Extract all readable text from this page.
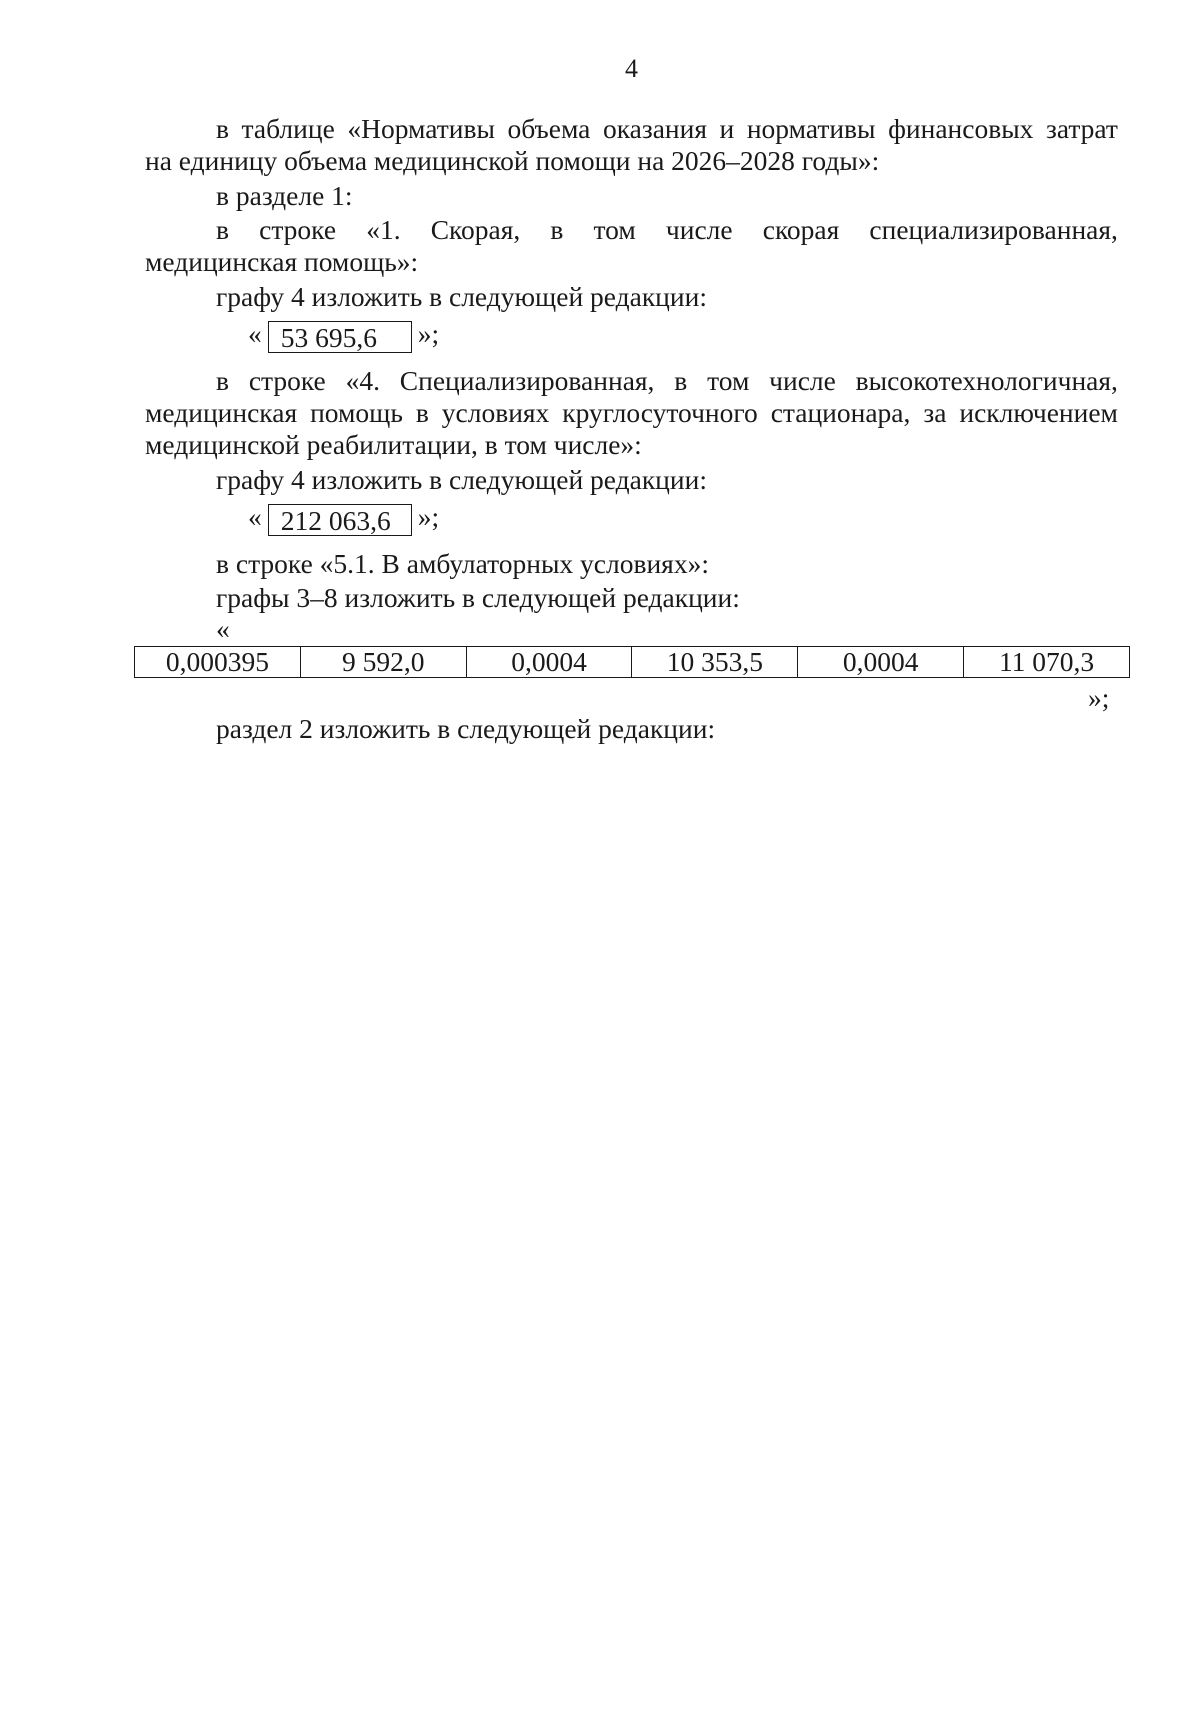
4
в таблице «Нормативы объема оказания и нормативы финансовых затрат
на единицу объема медицинской помощи на 2026–2028 годы»:
в разделе 1:
в строке «1. Скорая, в том числе скорая специализированная,
медицинская помощь»:
графу 4 изложить в следующей редакции:
« 53 695,6 »;
в строке «4. Специализированная, в том числе высокотехнологичная,
медицинская помощь в условиях круглосуточного стационара, за исключением
медицинской реабилитации, в том числе»:
графу 4 изложить в следующей редакции:
« 212 063,6 »;
в строке «5.1. В амбулаторных условиях»:
графы 3–8 изложить в следующей редакции:
«
0,000395	9 592,0	0,0004	10 353,5	0,0004	11 070,3
»;
раздел 2 изложить в следующей редакции:
